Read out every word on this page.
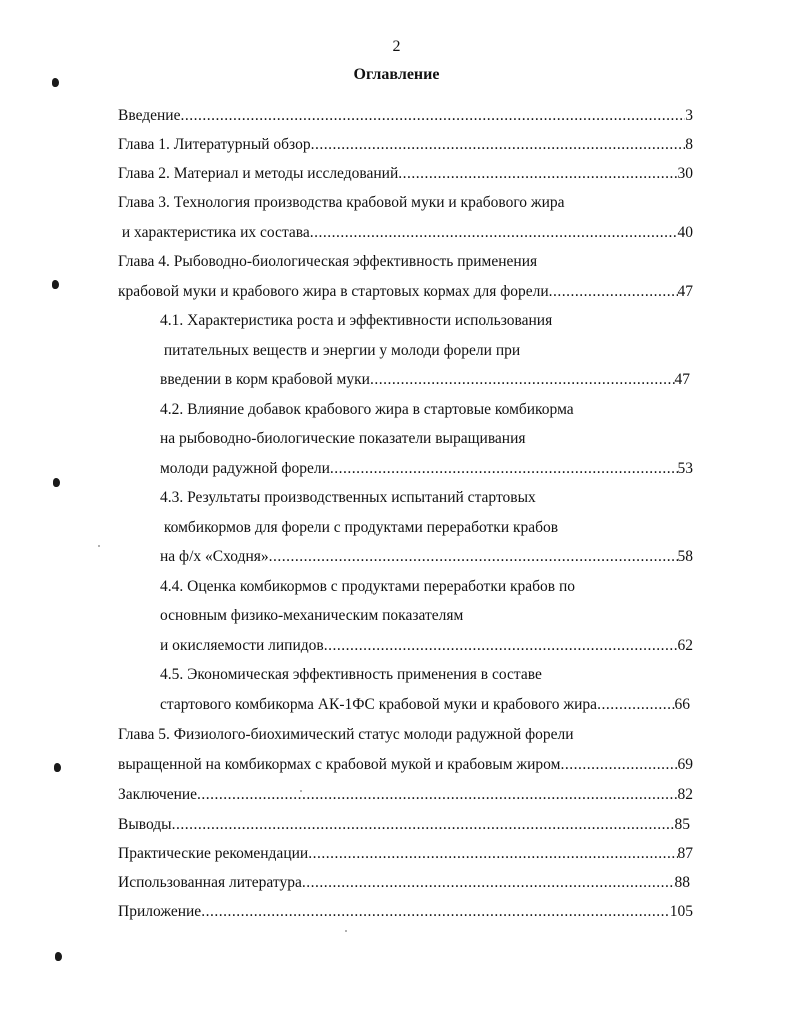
2
Оглавление
Введение .....	3
Глава 1. Литературный обзор .....	8
Глава 2. Материал и методы исследований .....	30
Глава 3. Технология производства крабовой муки и крабового жира
и характеристика их состава .....	40
Глава 4. Рыбоводно-биологическая эффективность применения
крабовой муки и крабового жира в стартовых кормах для форели .....	47
4.1. Характеристика роста и эффективности использования
питательных веществ и энергии у молоди форели при
введении в корм крабовой муки .....	47
4.2. Влияние добавок крабового жира в стартовые комбикорма
на рыбоводно-биологические показатели выращивания
молоди радужной форели .....	53
4.3. Результаты производственных испытаний стартовых
комбикормов для форели с продуктами переработки крабов
на ф/х «Сходня» .....	58
4.4. Оценка комбикормов с продуктами переработки крабов по
основным физико-механическим показателям
и окисляемости липидов .....	62
4.5. Экономическая эффективность применения в составе
стартового комбикорма АК-1ФС крабовой муки и крабового жира .....	66
Глава 5. Физиолого-биохимический статус молоди радужной форели
выращенной на комбикормах с крабовой мукой и крабовым жиром .....	69
Заключение .....	82
Выводы .....	85
Практические рекомендации .....	87
Использованная литература .....	88
Приложение .....	105
